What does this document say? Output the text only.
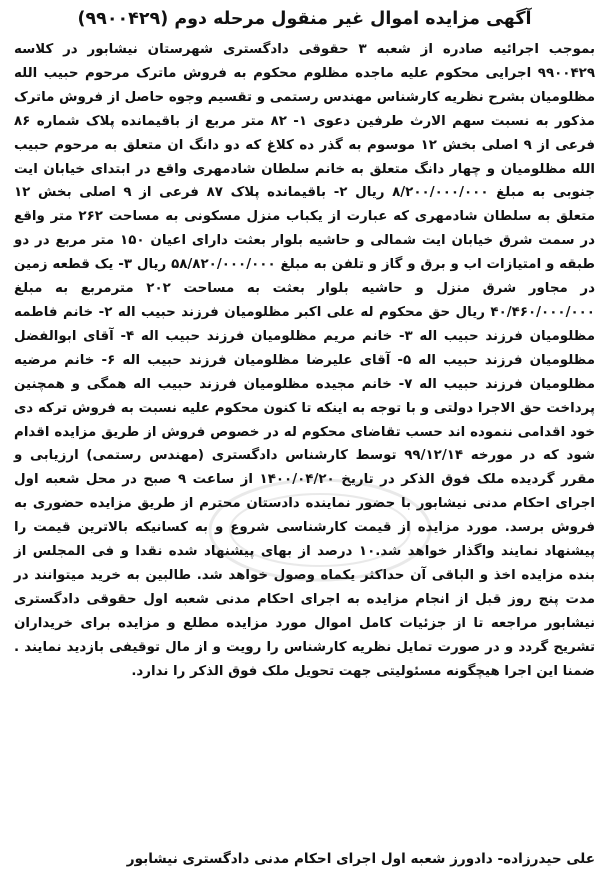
آگهی مزایده اموال غیر منقول مرحله دوم (۹۹۰۰۴۲۹)

بموجب اجرائیه صادره از شعبه ۳ حقوقی دادگستری شهرستان نیشابور در کلاسه ۹۹۰۰۴۲۹ اجرایی محکوم علیه ماجده مظلوم محکوم به فروش ماترک مرحوم حبیب الله مظلومیان بشرح نظریه کارشناس مهندس رستمی و تقسیم وجوه حاصل از فروش ماترک مذکور به نسبت سهم الارث طرفین دعوی ۱- ۸۲ متر مربع از باقیمانده پلاک شماره ۸۶ فرعی از ۹ اصلی بخش ۱۲ موسوم به گذر ده کلاغ که دو دانگ ان متعلق به مرحوم حبیب الله مظلومیان و چهار دانگ متعلق به خانم سلطان شادمهری واقع در ابتدای خیابان ایت جنوبی به مبلغ ۸/۲۰۰/۰۰۰/۰۰۰ ریال ۲- باقیمانده پلاک ۸۷ فرعی از ۹ اصلی بخش ۱۲ متعلق به سلطان شادمهری که عبارت از یکباب منزل مسکونی به مساحت ۲۶۲ متر واقع در سمت شرق خیابان ایت شمالی و حاشیه بلوار بعثت دارای اعیان ۱۵۰ متر مربع در دو طبقه و امتیازات اب و برق و گاز و تلفن به مبلغ ۵۸/۸۲۰/۰۰۰/۰۰۰ ریال ۳- یک قطعه زمین در مجاور شرق منزل و حاشیه بلوار بعثت به مساحت ۲۰۲ مترمربع به مبلغ ۴۰/۴۶۰/۰۰۰/۰۰۰ ریال حق محکوم له علی اکبر مظلومیان فرزند حبیب اله ۲- خانم فاطمه مظلومیان فرزند حبیب اله ۳- خانم مریم مظلومیان فرزند حبیب اله ۴- آقای ابوالفضل مظلومیان فرزند حبیب اله ۵- آقای علیرضا مظلومیان فرزند حبیب اله ۶- خانم مرضیه مظلومیان فرزند حبیب اله ۷- خانم مجیده مظلومیان فرزند حبیب اله همگی و همچنین پرداخت حق الاجرا دولتی و با توجه به اینکه تا کنون محکوم علیه نسبت به فروش ترکه دی خود اقدامی ننموده اند حسب تقاضای محکوم له در خصوص فروش از طریق مزایده اقدام شود که در مورخه ۹۹/۱۲/۱۴ توسط کارشناس دادگستری (مهندس رستمی) ارزیابی و مقرر گردیده ملک فوق الذکر در تاریخ ۱۴۰۰/۰۴/۲۰ از ساعت ۹ صبح در محل شعبه اول اجرای احکام مدنی نیشابور با حضور نماینده دادستان محترم از طریق مزایده حضوری به فروش برسد. مورد مزایده از قیمت کارشناسی شروع و به کسانیکه بالاترین قیمت را پیشنهاد نمایند واگذار خواهد شد.۱۰ درصد از بهای پیشنهاد شده نقدا و فی المجلس از بنده مزایده اخذ و الباقی آن حداکثر یکماه وصول خواهد شد. طالبین به خرید میتوانند در مدت پنج روز قبل از انجام مزایده به اجرای احکام مدنی شعبه اول حقوقی دادگستری نیشابور مراجعه تا از جزئیات کامل اموال مورد مزایده مطلع و مزایده برای خریداران تشریح گردد و در صورت تمایل نظریه کارشناس را رویت و از مال توقیفی بازدید نمایند . ضمنا این اجرا هیچگونه مسئولیتی جهت تحویل ملک فوق الذکر را ندارد.

علی حیدرزاده- دادورز شعبه اول اجرای احکام مدنی دادگستری نیشابور
